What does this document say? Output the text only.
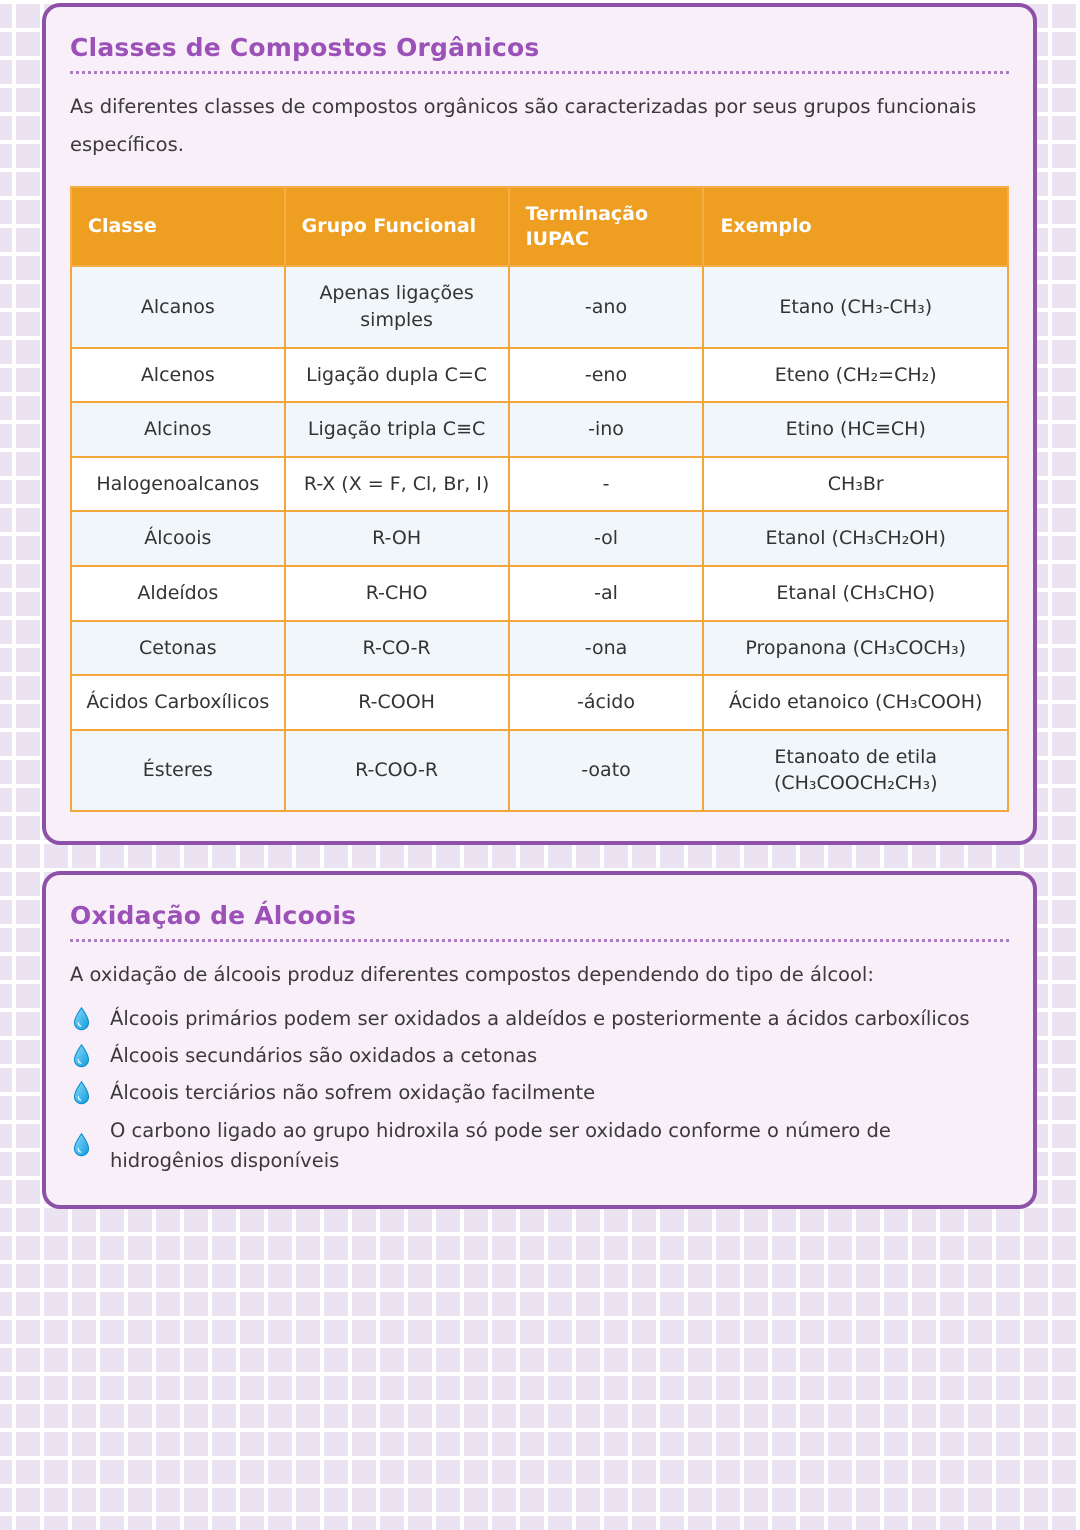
Classes de Compostos Orgânicos

As diferentes classes de compostos orgânicos são caracterizadas por seus grupos funcionais específicos.

Classe	Grupo Funcional	Terminação IUPAC	Exemplo
Alcanos	Apenas ligações simples	-ano	Etano (CH₃-CH₃)
Alcenos	Ligação dupla C=C	-eno	Eteno (CH₂=CH₂)
Alcinos	Ligação tripla C≡C	-ino	Etino (HC≡CH)
Halogenoalcanos	R-X (X = F, Cl, Br, I)	-	CH₃Br
Álcoois	R-OH	-ol	Etanol (CH₃CH₂OH)
Aldeídos	R-CHO	-al	Etanal (CH₃CHO)
Cetonas	R-CO-R	-ona	Propanona (CH₃COCH₃)
Ácidos Carboxílicos	R-COOH	-ácido	Ácido etanoico (CH₃COOH)
Ésteres	R-COO-R	-oato	Etanoato de etila (CH₃COOCH₂CH₃)
Oxidação de Álcoois

A oxidação de álcoois produz diferentes compostos dependendo do tipo de álcool:

Álcoois primários podem ser oxidados a aldeídos e posteriormente a ácidos carboxílicos
Álcoois secundários são oxidados a cetonas
Álcoois terciários não sofrem oxidação facilmente
O carbono ligado ao grupo hidroxila só pode ser oxidado conforme o número de hidrogênios disponíveis
